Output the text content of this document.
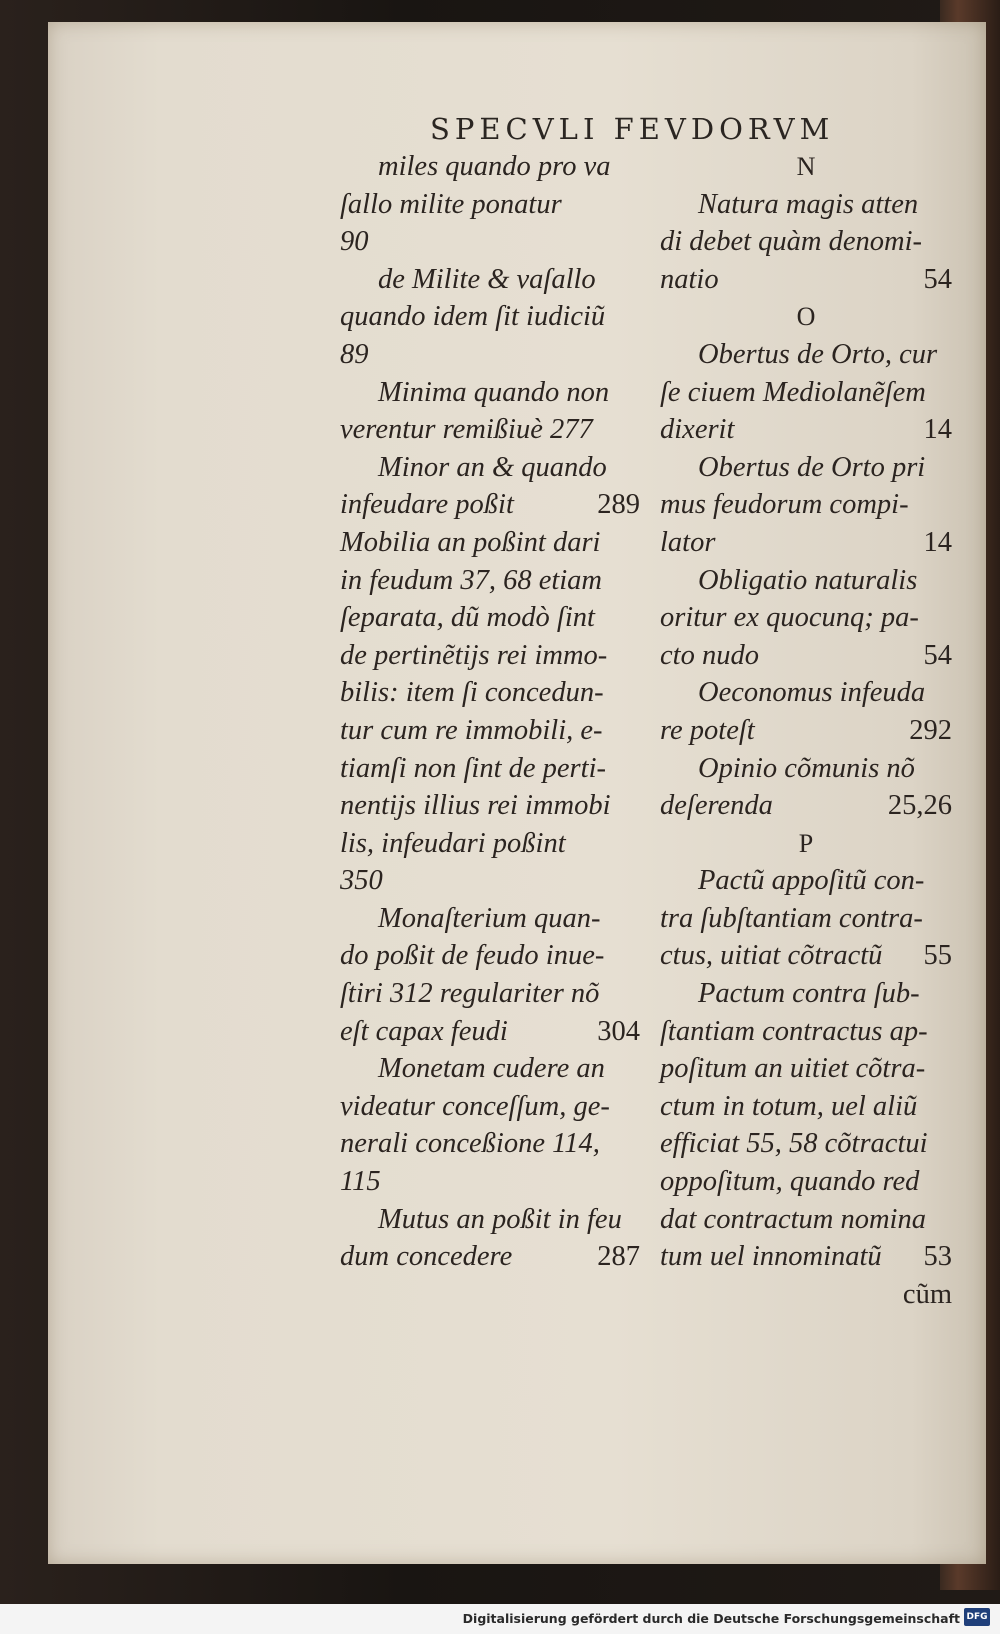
SPECVLI FEVDORVM
miles quando pro va
ſallo milite ponatur
90
de Milite & vaſallo
quando idem ſit iudiciũ
89
Minima quando non
verentur remißiuè 277
Minor an & quando
infeudare poßit	289
Mobilia an poßint dari
in feudum 37, 68 etiam
ſeparata, dũ modò ſint
de pertinẽtijs rei immo-
bilis: item ſi concedun-
tur cum re immobili, e-
tiamſi non ſint de perti-
nentijs illius rei immobi
lis, infeudari poßint
350
Monaſterium quan-
do poßit de feudo inue-
ſtiri 312 regulariter nõ
eſt capax feudi	304
Monetam cudere an
videatur conceſſum, ge-
nerali conceßione 114,
115
Mutus an poßit in feu
dum concedere	287
N
Natura magis atten
di debet quàm denomi-
natio	54
O
Obertus de Orto, cur
ſe ciuem Mediolanẽſem
dixerit	14
Obertus de Orto pri
mus feudorum compi-
lator	14
Obligatio naturalis
oritur ex quocunq; pa-
cto nudo	54
Oeconomus infeuda
re poteſt	292
Opinio cõmunis nõ
deſerenda	25,26
P
Pactũ appoſitũ con-
tra ſubſtantiam contra-
ctus, uitiat cõtractũ 55
Pactum contra ſub-
ſtantiam contractus ap-
poſitum an uitiet cõtra-
ctum in totum, uel aliũ
efficiat 55, 58 cõtractui
oppoſitum, quando red
dat contractum nomina
tum uel innominatũ 53
cũm
Digitalisierung gefördert durch die Deutsche Forschungsgemeinschaft DFG
